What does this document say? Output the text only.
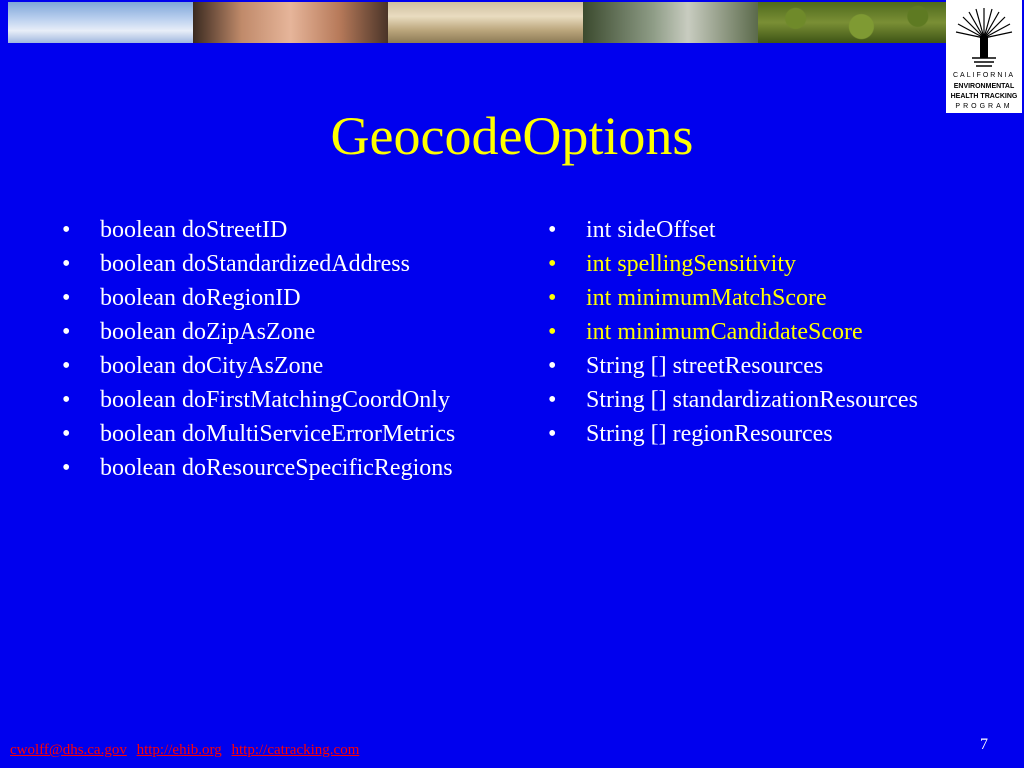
CALIFORNIA
ENVIRONMENTAL
HEALTH TRACKING
PROGRAM
GeocodeOptions
• boolean doStreetID
• boolean doStandardizedAddress
• boolean doRegionID
• boolean doZipAsZone
• boolean doCityAsZone
• boolean doFirstMatchingCoordOnly
• boolean doMultiServiceErrorMetrics
• boolean doResourceSpecificRegions
• int sideOffset
• int spellingSensitivity
• int minimumMatchScore
• int minimumCandidateScore
• String [] streetResources
• String [] standardizationResources
• String [] regionResources
cwolff@dhs.ca.gov http://ehib.org http://catracking.com	7
